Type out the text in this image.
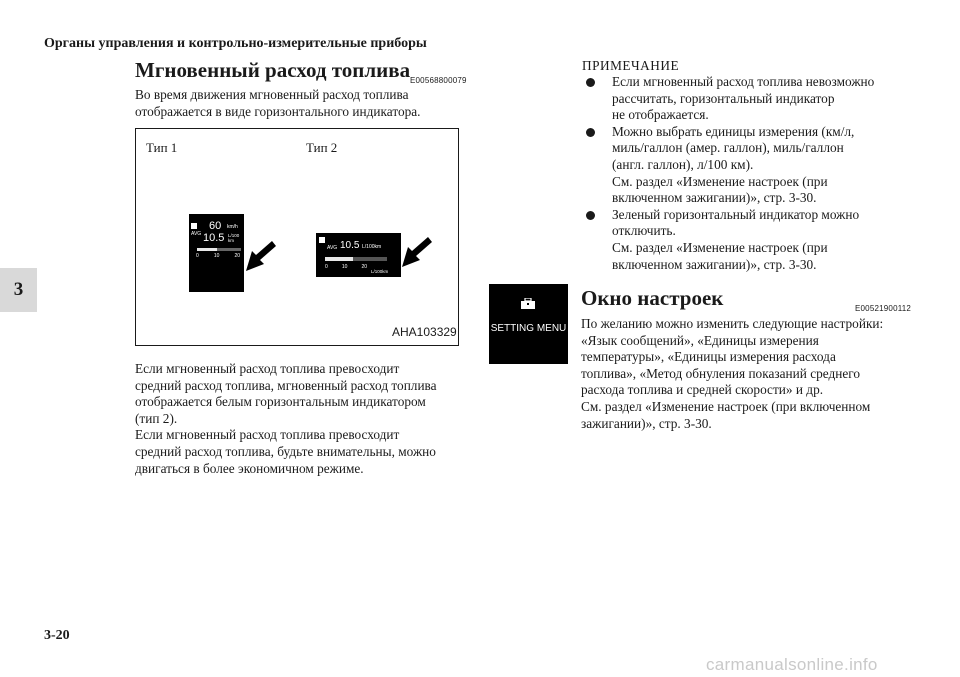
Органы управления и контрольно-измерительные приборы
3
Мгновенный расход топлива E00568800079
Во время движения мгновенный расход топлива
отображается в виде горизонтального индикатора.
Тип 1	Тип 2
AVG
60 km/h
10.5 L/100
km
0	10	20
AVG 10.5 L/100km
0	10	20
L/100km
AHA103329
Если мгновенный расход топлива превосходит
средний расход топлива, мгновенный расход топлива
отображается белым горизонтальным индикатором
(тип 2).
Если мгновенный расход топлива превосходит
средний расход топлива, будьте внимательны, можно
двигаться в более экономичном режиме.
ПРИМЕЧАНИЕ
Если мгновенный расход топлива невозможно
рассчитать, горизонтальный индикатор
не отображается.
Можно выбрать единицы измерения (км/л,
миль/галлон (амер. галлон), миль/галлон
(англ. галлон), л/100 км).
См. раздел «Изменение настроек (при
включенном зажигании)», стр. 3-30.
Зеленый горизонтальный индикатор можно
отключить.
См. раздел «Изменение настроек (при
включенном зажигании)», стр. 3-30.
SETTING MENU
Окно настроек	E00521900112
По желанию можно изменить следующие настройки:
«Язык сообщений», «Единицы измерения
температуры», «Единицы измерения расхода
топлива», «Метод обнуления показаний среднего
расхода топлива и средней скорости» и др.
См. раздел «Изменение настроек (при включенном
зажигании)», стр. 3-30.
3-20
carmanualsonline.info
